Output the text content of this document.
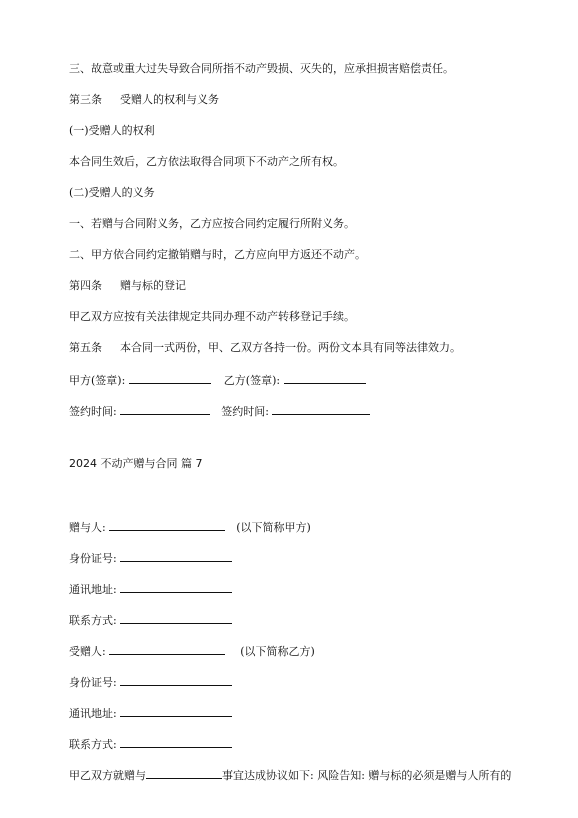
三、故意或重大过失导致合同所指不动产毁损、灭失的，应承担损害赔偿责任。
第三条 受赠人的权利与义务
(一)受赠人的权利
本合同生效后，乙方依法取得合同项下不动产之所有权。
(二)受赠人的义务
一、若赠与合同附义务，乙方应按合同约定履行所附义务。
二、甲方依合同约定撤销赠与时，乙方应向甲方返还不动产。
第四条 赠与标的登记
甲乙双方应按有关法律规定共同办理不动产转移登记手续。
第五条 本合同一式两份，甲、乙双方各持一份。两份文本具有同等法律效力。
甲方(签章):	乙方(签章):
签约时间:	签约时间:
2024 不动产赠与合同 篇 7
赠与人:	(以下简称甲方)
身份证号:
通讯地址:
联系方式:
受赠人:	(以下简称乙方)
身份证号:
通讯地址:
联系方式:
甲乙双方就赠与	事宜达成协议如下: 风险告知: 赠与标的必须是赠与人所有的
